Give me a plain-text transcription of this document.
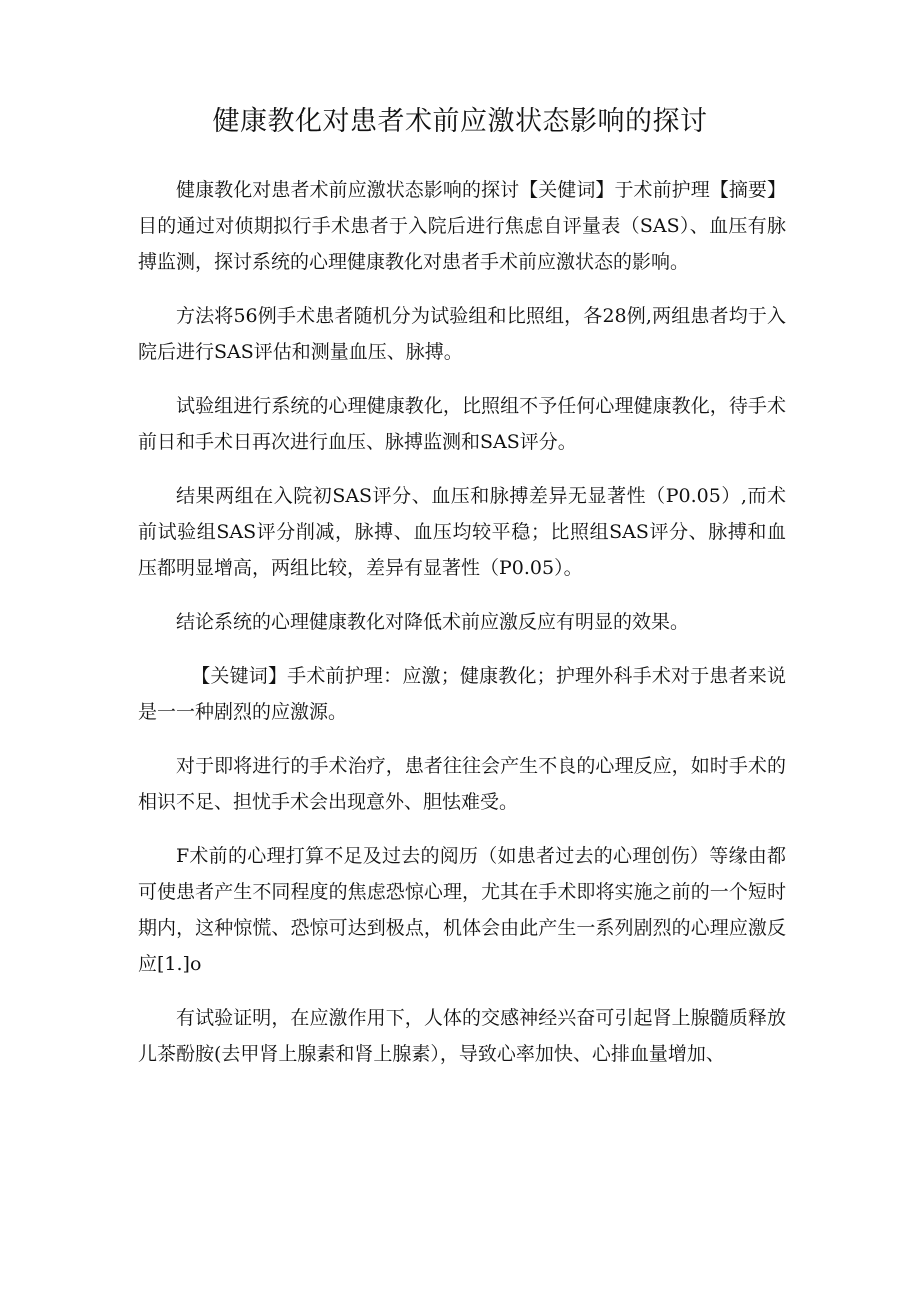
健康教化对患者术前应激状态影响的探讨

健康教化对患者术前应激状态影响的探讨【关健词】于术前护理【摘要】目的通过对侦期拟行手术患者于入院后进行焦虑自评量表（SAS）、血压有脉搏监测，探讨系统的心理健康教化对患者手术前应激状态的影响。

方法将56例手术患者随机分为试验组和比照组，各28例,两组患者均于入院后进行SAS评估和测量血压、脉搏。

试验组进行系统的心理健康教化，比照组不予任何心理健康教化，待手术前日和手术日再次进行血压、脉搏监测和SAS评分。

结果两组在入院初SAS评分、血压和脉搏差异无显著性（P0.05）,而术前试验组SAS评分削减，脉搏、血压均较平稳；比照组SAS评分、脉搏和血压都明显增高，两组比较，差异有显著性（P0.05）。

结论系统的心理健康教化对降低术前应激反应有明显的效果。

【关键词】手术前护理：应激；健康教化；护理外科手术对于患者来说是一一种剧烈的应激源。

对于即将进行的手术治疗，患者往往会产生不良的心理反应，如时手术的相识不足、担忧手术会出现意外、胆怯难受。

F术前的心理打算不足及过去的阅历（如患者过去的心理创伤）等缘由都可使患者产生不同程度的焦虑恐惊心理，尤其在手术即将实施之前的一个短时期内，这种惊慌、恐惊可达到极点，机体会由此产生一系列剧烈的心理应激反应[1.]o

有试验证明，在应激作用下，人体的交感神经兴奋可引起肾上腺髓质释放儿茶酚胺(去甲肾上腺素和肾上腺素），导致心率加快、心排血量增加、
